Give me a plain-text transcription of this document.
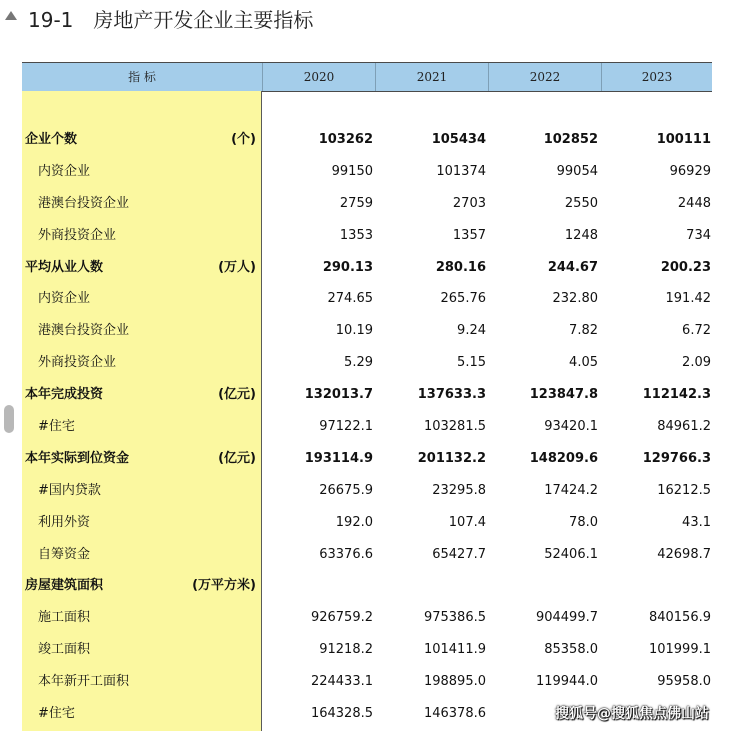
19-1　房地产开发企业主要指标
指 标	2020	2021	2022	2023
企业个数	(个)	103262	105434	102852	100111
内资企业	99150	101374	99054	96929
港澳台投资企业	2759	2703	2550	2448
外商投资企业	1353	1357	1248	734
平均从业人数	(万人)	290.13	280.16	244.67	200.23
内资企业	274.65	265.76	232.80	191.42
港澳台投资企业	10.19	9.24	7.82	6.72
外商投资企业	5.29	5.15	4.05	2.09
本年完成投资	(亿元)	132013.7	137633.3	123847.8	112142.3
#住宅	97122.1	103281.5	93420.1	84961.2
本年实际到位资金	(亿元)	193114.9	201132.2	148209.6	129766.3
#国内贷款	26675.9	23295.8	17424.2	16212.5
利用外资	192.0	107.4	78.0	43.1
自筹资金	63376.6	65427.7	52406.1	42698.7
房屋建筑面积	(万平方米)
施工面积	926759.2	975386.5	904499.7	840156.9
竣工面积	91218.2	101411.9	85358.0	101999.1
本年新开工面积	224433.1	198895.0	119944.0	95958.0
#住宅	164328.5	146378.6	搜狐号@搜狐焦点佛山站
